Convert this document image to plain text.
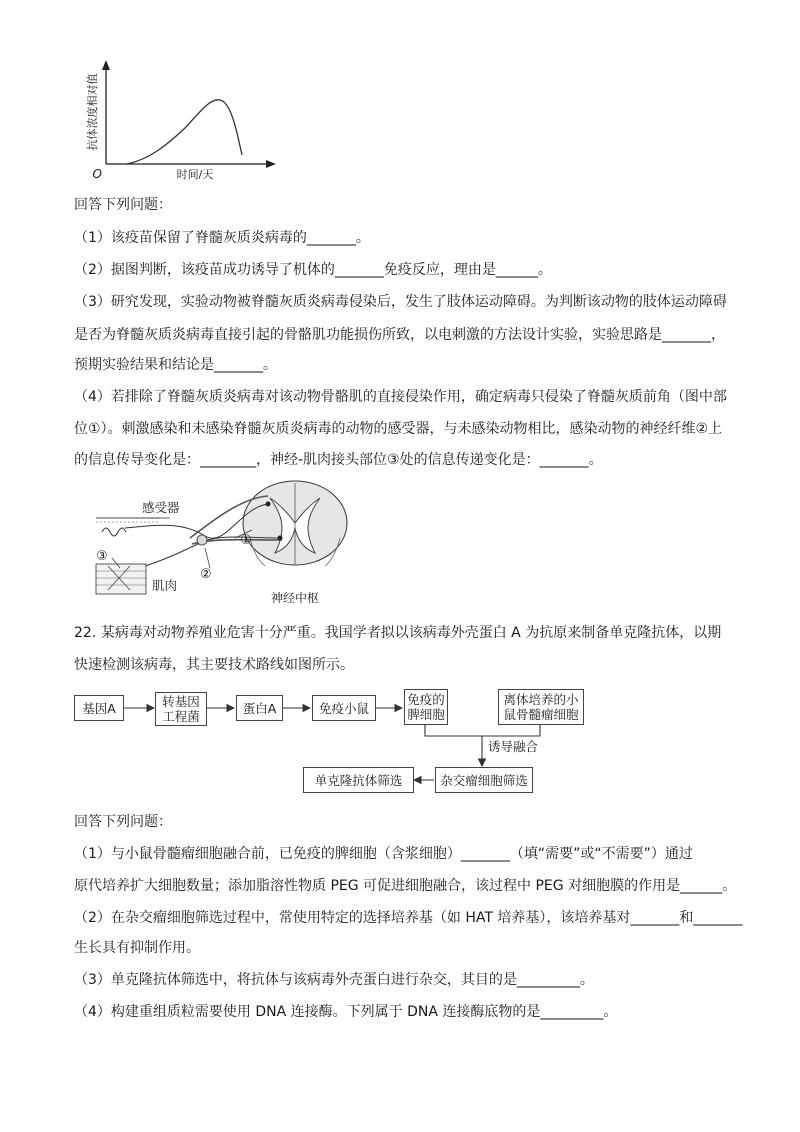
抗体浓度相对值
O	时间/天
回答下列问题：
（1）该疫苗保留了脊髓灰质炎病毒的_______。
（2）据图判断，该疫苗成功诱导了机体的_______免疫反应，理由是______。
（3）研究发现，实验动物被脊髓灰质炎病毒侵染后，发生了肢体运动障碍。为判断该动物的肢体运动障碍
是否为脊髓灰质炎病毒直接引起的骨骼肌功能损伤所致，以电刺激的方法设计实验，实验思路是_______，
预期实验结果和结论是_______。
（4）若排除了脊髓灰质炎病毒对该动物骨骼肌的直接侵染作用，确定病毒只侵染了脊髓灰质前角（图中部
位①）。刺激感染和未感染脊髓灰质炎病毒的动物的感受器，与未感染动物相比，感染动物的神经纤维②上
的信息传导变化是：________，神经-肌肉接头部位③处的信息传递变化是：_______。
感受器
肌肉
神经中枢
①
②
③
22. 某病毒对动物养殖业危害十分严重。我国学者拟以该病毒外壳蛋白 A 为抗原来制备单克隆抗体，以期
快速检测该病毒，其主要技术路线如图所示。
基因A	转基因
工程菌
蛋白A	免疫小鼠
免疫的
脾细胞
离体培养的小
鼠骨髓瘤细胞
诱导融合
杂交瘤细胞筛选
单克隆抗体筛选
回答下列问题：
（1）与小鼠骨髓瘤细胞融合前，已免疫的脾细胞（含浆细胞）_______（填“需要”或“不需要”）通过
原代培养扩大细胞数量；添加脂溶性物质 PEG 可促进细胞融合，该过程中 PEG 对细胞膜的作用是______。
（2）在杂交瘤细胞筛选过程中，常使用特定的选择培养基（如 HAT 培养基），该培养基对_______和_______
生长具有抑制作用。
（3）单克隆抗体筛选中，将抗体与该病毒外壳蛋白进行杂交，其目的是_________。
（4）构建重组质粒需要使用 DNA 连接酶。下列属于 DNA 连接酶底物的是_________。
